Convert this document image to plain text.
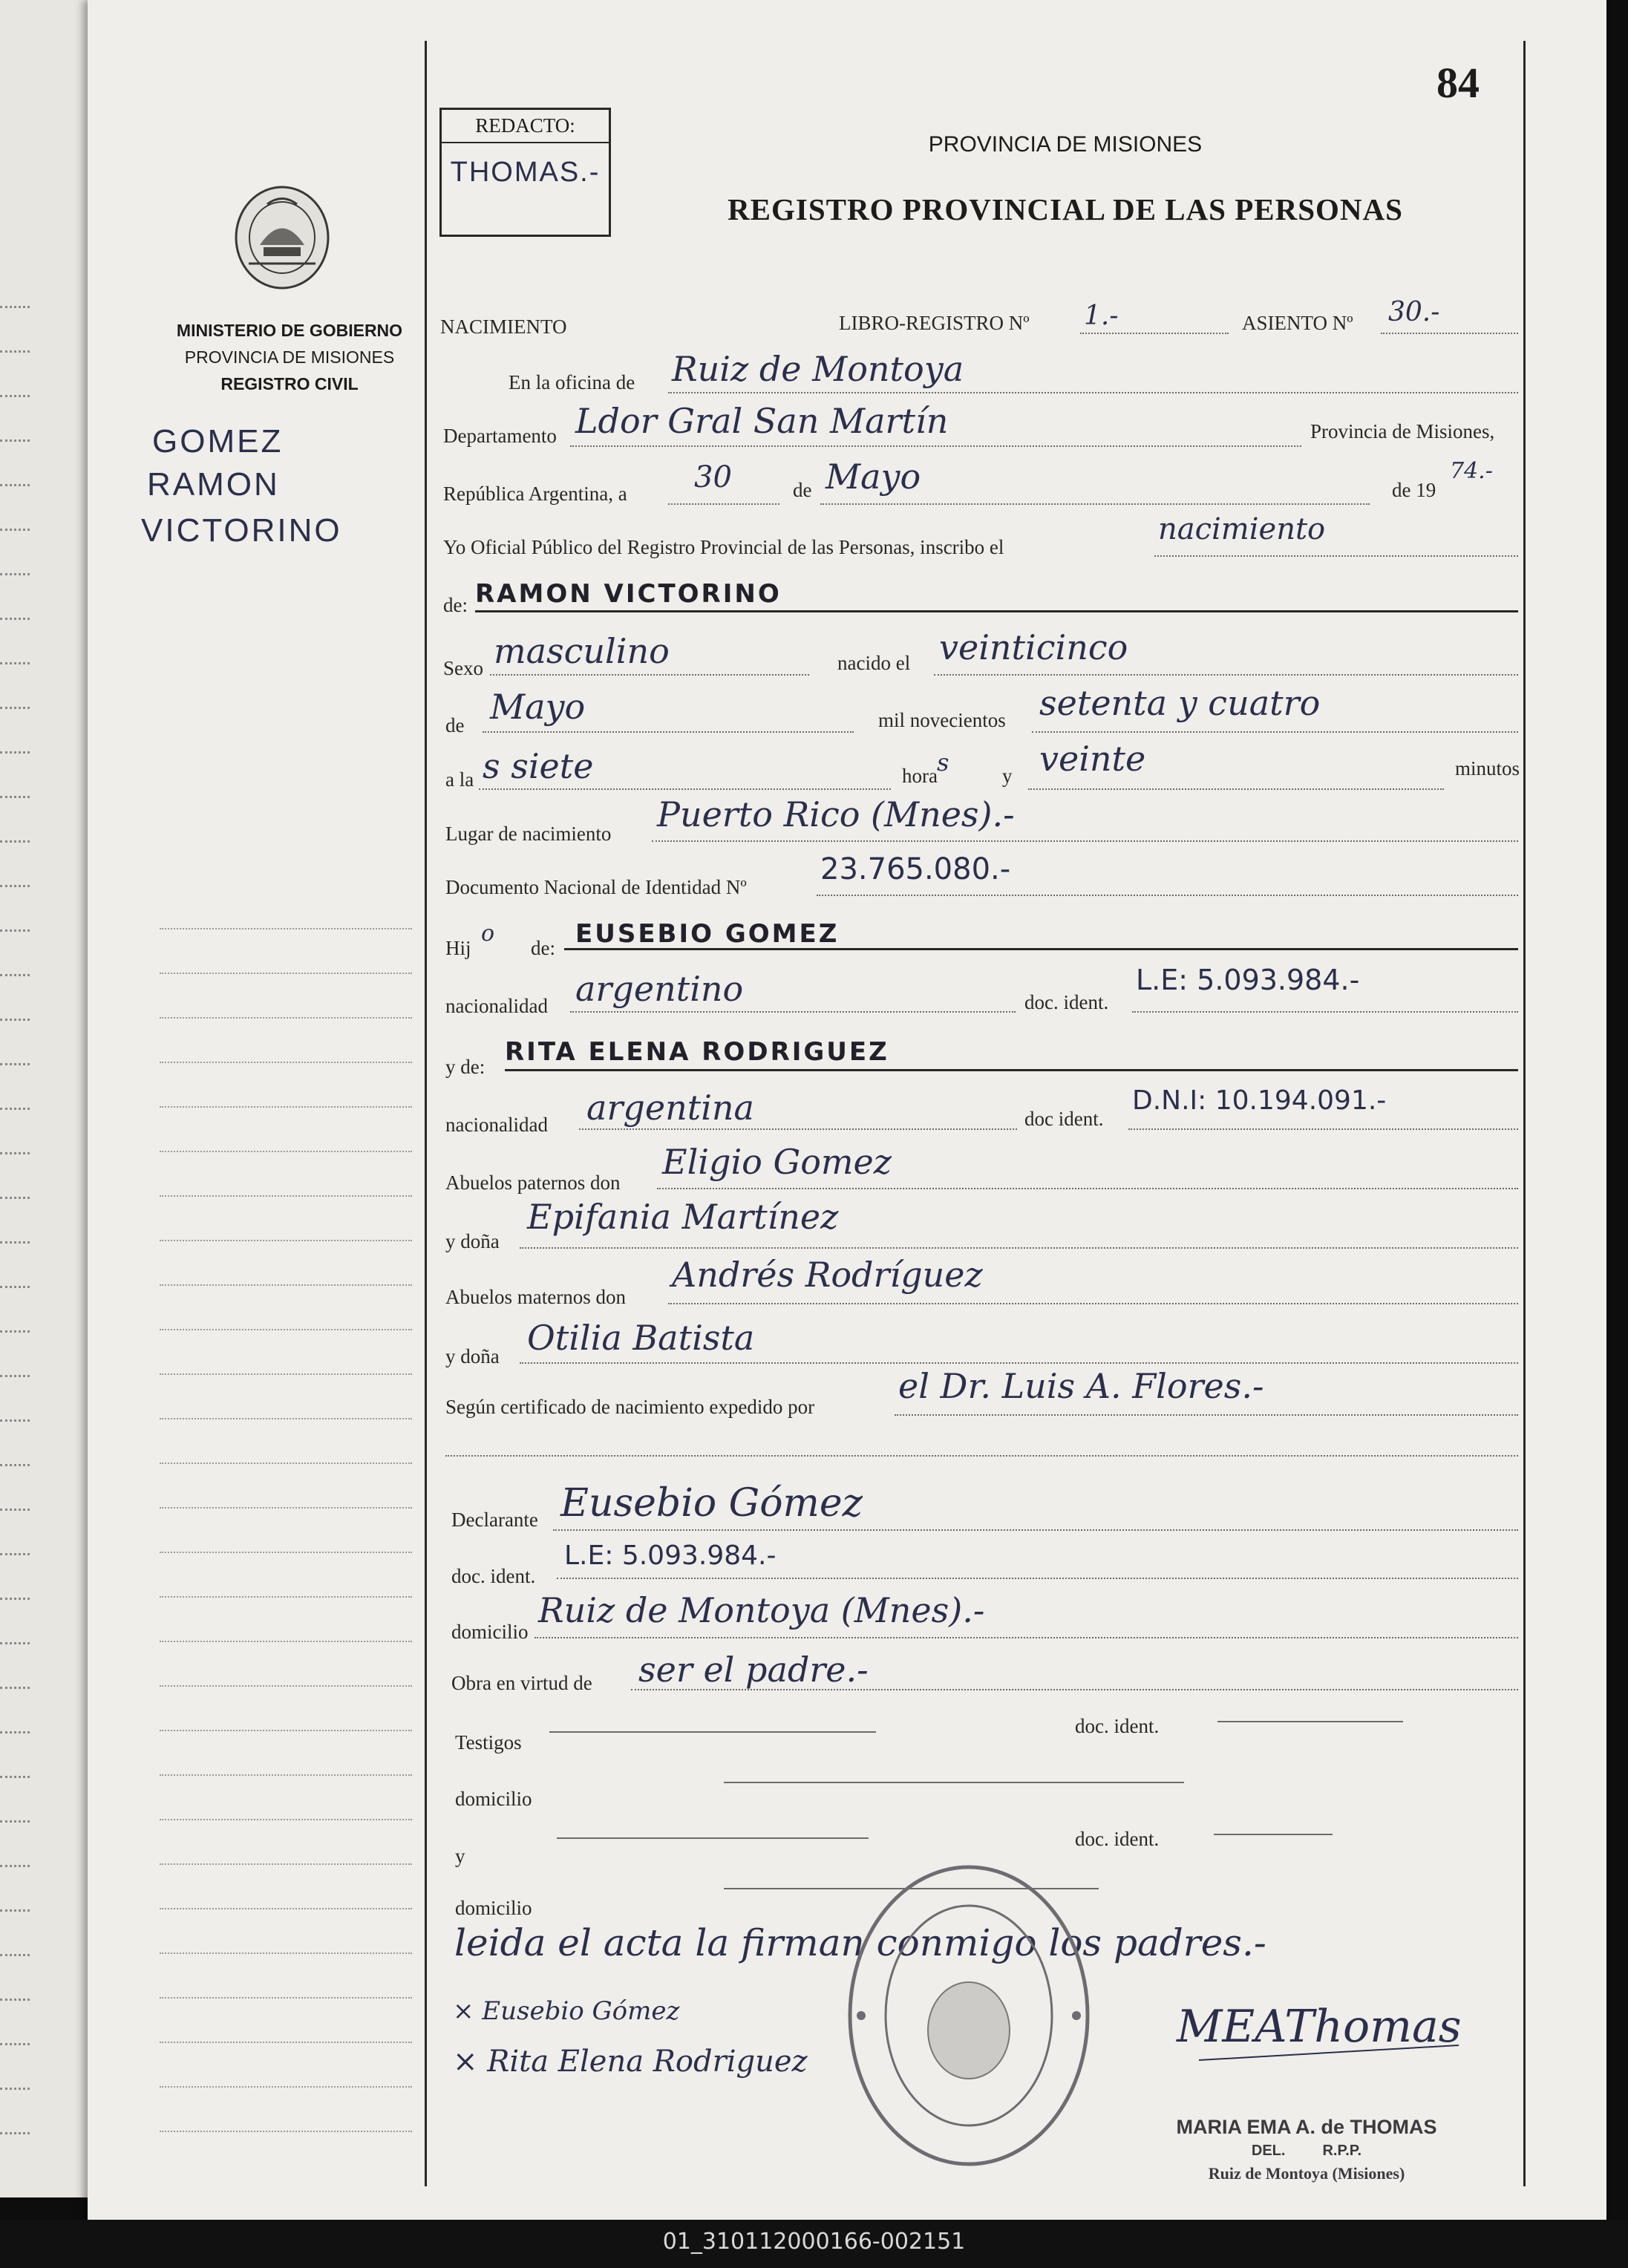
84
REDACTO:
THOMAS.-
PROVINCIA DE MISIONES
REGISTRO PROVINCIAL DE LAS PERSONAS
MINISTERIO DE GOBIERNO
PROVINCIA DE MISIONES
REGISTRO CIVIL
GOMEZ
RAMON
VICTORINO
NACIMIENTO	LIBRO-REGISTRO Nº 1.-	ASIENTO Nº 30.-
En la oficina de Ruiz de Montoya
Departamento Ldor Gral San Martín	Provincia de Misiones,
República Argentina, a 30	de Mayo	de 19
74.-
Yo Oficial Público del Registro Provincial de las Personas, inscribo el
nacimiento
de: RAMON VICTORINO
Sexo masculino	nacido el veinticinco
de Mayo	mil novecientos setenta y cuatro
a la s siete	hora s	y veinte	minutos
Lugar de nacimiento Puerto Rico (Mnes).-
Documento Nacional de Identidad Nº
23.765.080.-
Hij
o
de: EUSEBIO GOMEZ
nacionalidad argentino	doc. ident.
L.E: 5.093.984.-
y de: RITA ELENA RODRIGUEZ
nacionalidad argentina	doc ident.
D.N.I: 10.194.091.-
Abuelos paternos don
Eligio Gomez
y doña
Epifania Martínez
Abuelos maternos don
Andrés Rodríguez
y doña Otilia Batista
Según certificado de nacimiento expedido por
el Dr. Luis A. Flores.-
Declarante Eusebio Gómez
doc. ident.
L.E: 5.093.984.-
domicilio
Ruiz de Montoya (Mnes).-
Obra en virtud de ser el padre.-
Testigos
doc. ident.
domicilio
y
doc. ident.
domicilio
leida el acta la firman conmigo los padres.-
× Eusebio Gómez
× Rita Elena Rodriguez
MEAThomas
MARIA EMA A. de THOMAS
DEL.         R.P.P.
Ruiz de Montoya (Misiones)
01_310112000166-002151
